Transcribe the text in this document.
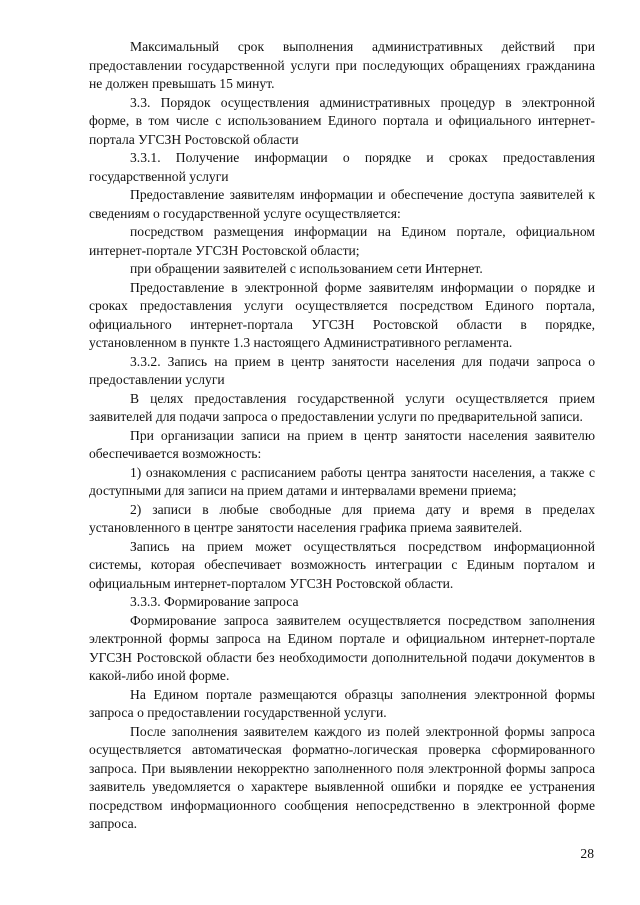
Максимальный срок выполнения административных действий при предоставлении государственной услуги при последующих обращениях гражданина не должен превышать 15 минут.

3.3. Порядок осуществления административных процедур в электронной форме, в том числе с использованием Единого портала и официального интернет-портала УГСЗН Ростовской области

3.3.1. Получение информации о порядке и сроках предоставления государственной услуги

Предоставление заявителям информации и обеспечение доступа заявителей к сведениям о государственной услуге осуществляется:

посредством размещения информации на Едином портале, официальном интернет-портале УГСЗН Ростовской области;

при обращении заявителей с использованием сети Интернет.

Предоставление в электронной форме заявителям информации о порядке и сроках предоставления услуги осуществляется посредством Единого портала, официального интернет-портала УГСЗН Ростовской области в порядке, установленном в пункте 1.3 настоящего Административного регламента.

3.3.2. Запись на прием в центр занятости населения для подачи запроса о предоставлении услуги

В целях предоставления государственной услуги осуществляется прием заявителей для подачи запроса о предоставлении услуги по предварительной записи.

При организации записи на прием в центр занятости населения заявителю обеспечивается возможность:

1) ознакомления с расписанием работы центра занятости населения, а также с доступными для записи на прием датами и интервалами времени приема;

2) записи в любые свободные для приема дату и время в пределах установленного в центре занятости населения графика приема заявителей.

Запись на прием может осуществляться посредством информационной системы, которая обеспечивает возможность интеграции с Единым порталом и официальным интернет-порталом УГСЗН Ростовской области.

3.3.3. Формирование запроса

Формирование запроса заявителем осуществляется посредством заполнения электронной формы запроса на Едином портале и официальном интернет-портале УГСЗН Ростовской области без необходимости дополнительной подачи документов в какой-либо иной форме.

На Едином портале размещаются образцы заполнения электронной формы запроса о предоставлении государственной услуги.

После заполнения заявителем каждого из полей электронной формы запроса осуществляется автоматическая форматно-логическая проверка сформированного запроса. При выявлении некорректно заполненного поля электронной формы запроса заявитель уведомляется о характере выявленной ошибки и порядке ее устранения посредством информационного сообщения непосредственно в электронной форме запроса.

28
